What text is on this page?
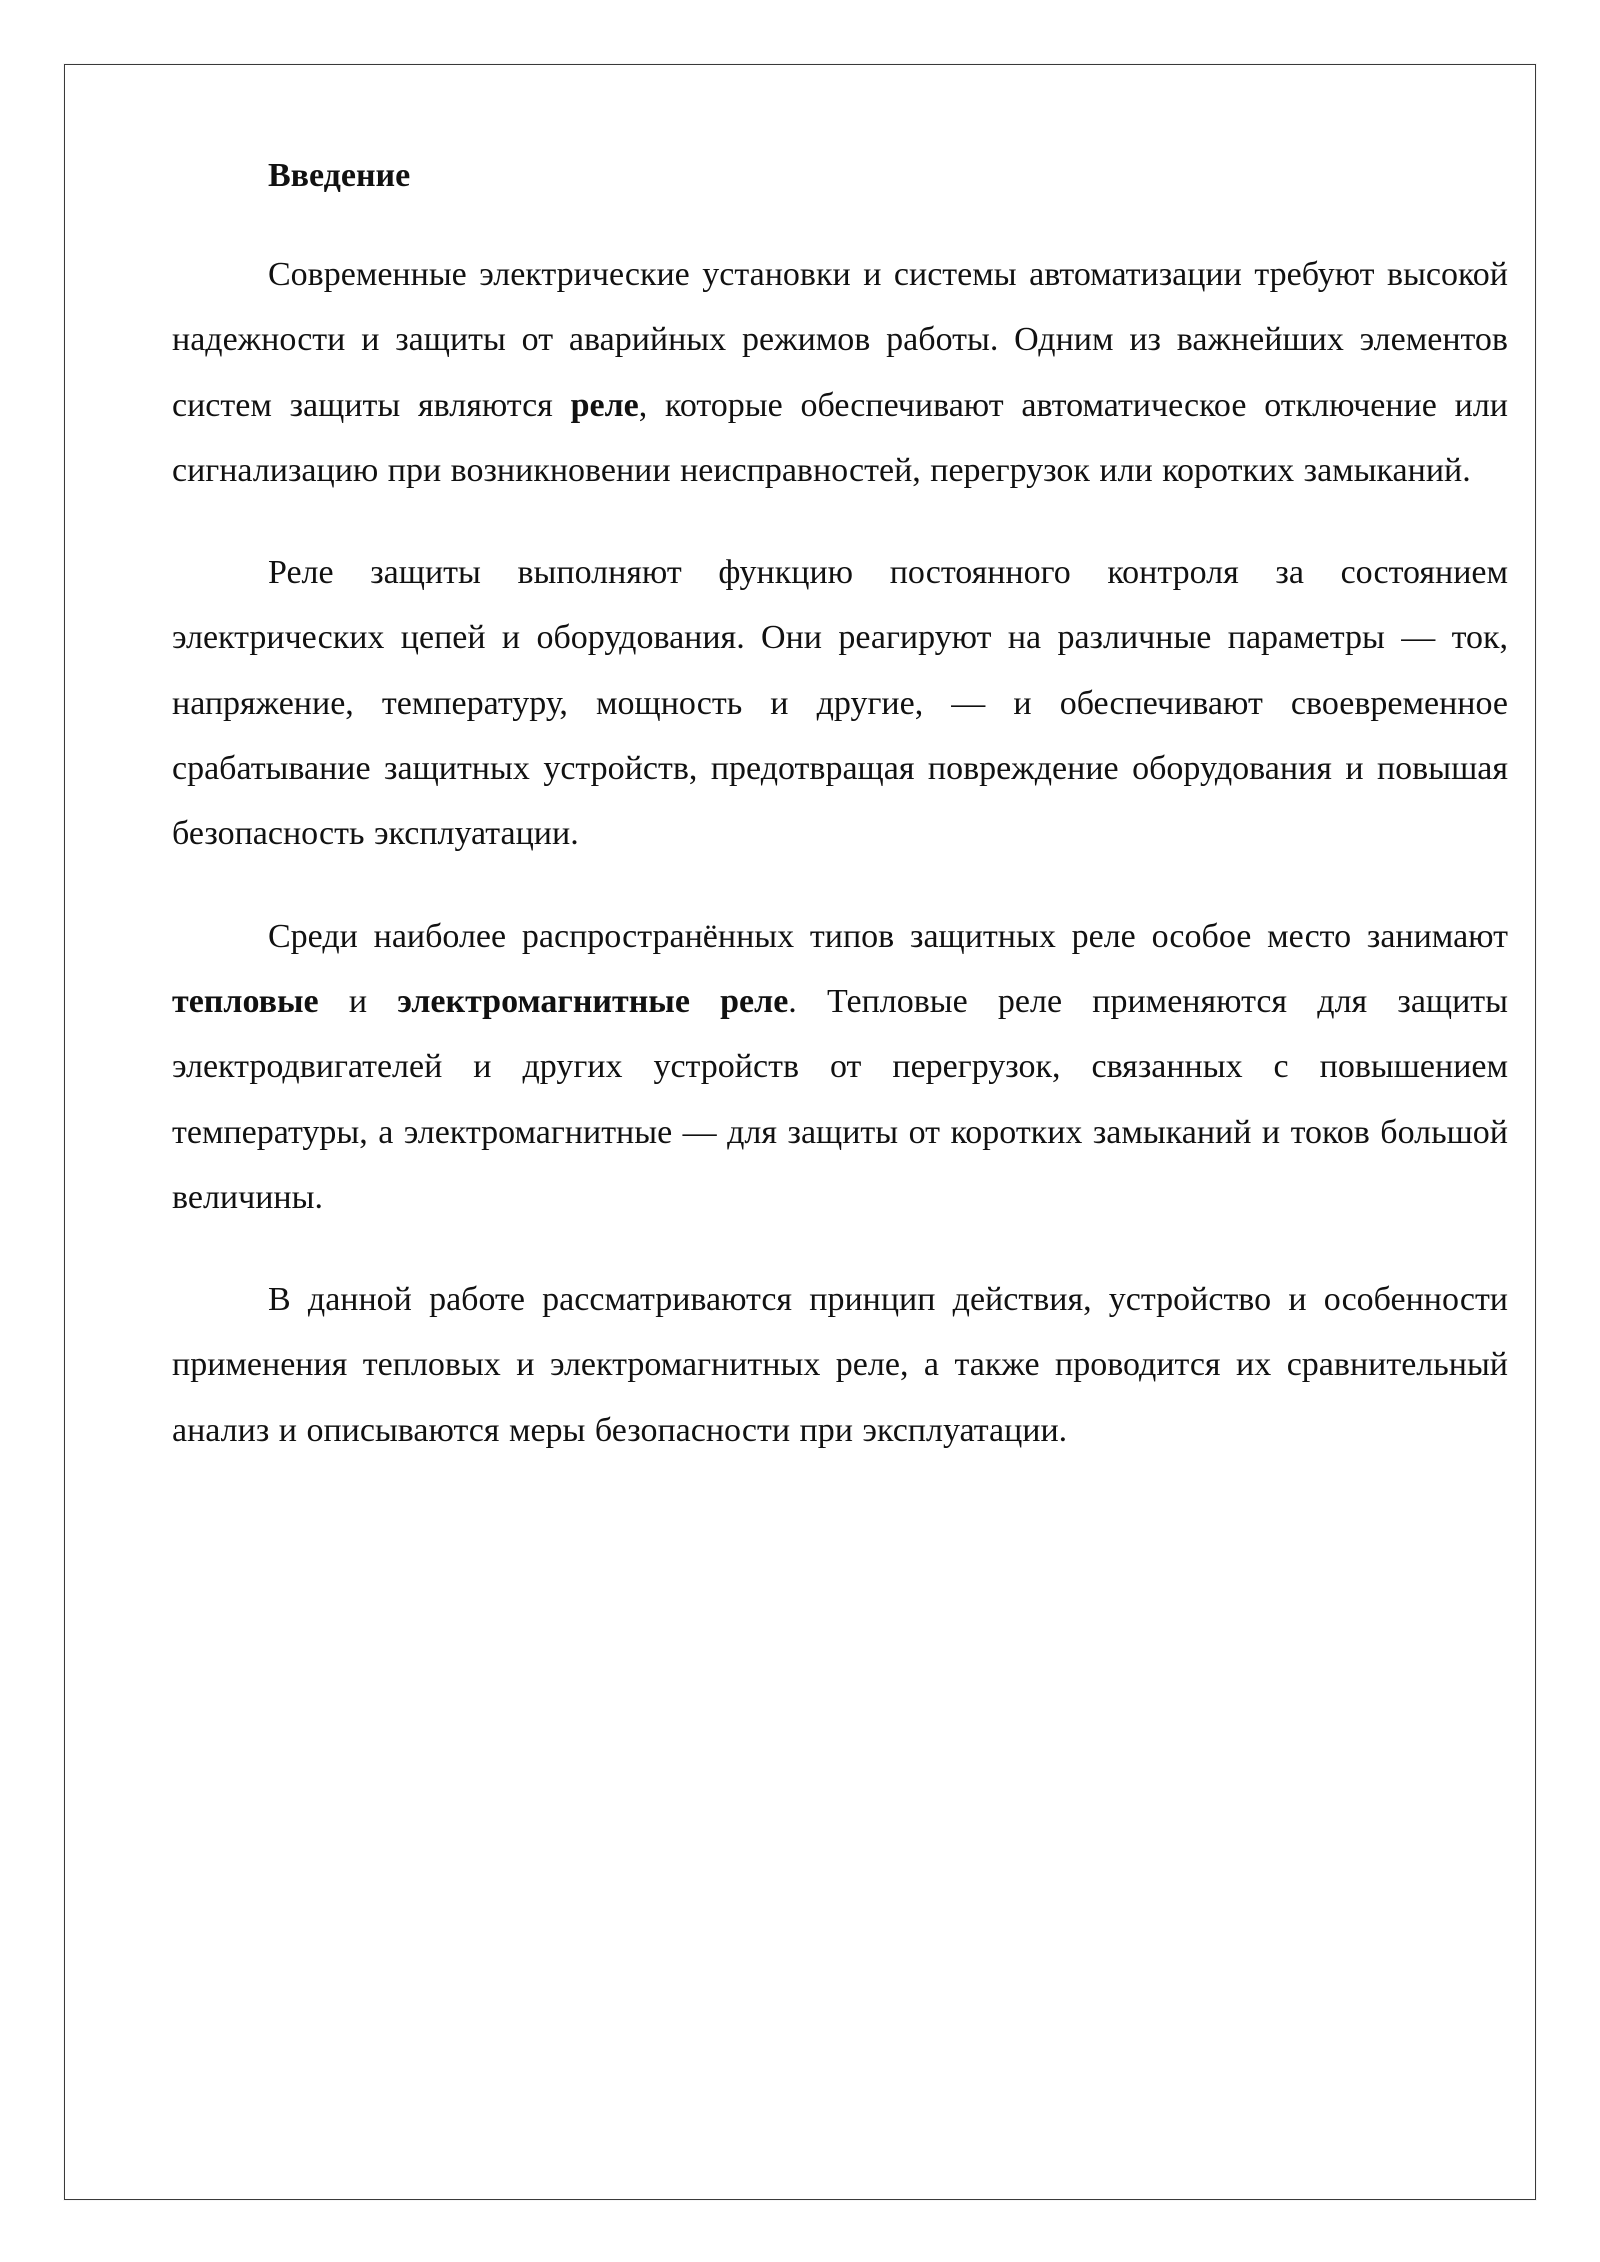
Введение

Современные электрические установки и системы автоматизации требуют высокой надежности и защиты от аварийных режимов работы. Одним из важнейших элементов систем защиты являются реле, которые обеспечивают автоматическое отключение или сигнализацию при возникновении неисправностей, перегрузок или коротких замыканий.

Реле защиты выполняют функцию постоянного контроля за состоянием электрических цепей и оборудования. Они реагируют на различные параметры — ток, напряжение, температуру, мощность и другие, — и обеспечивают своевременное срабатывание защитных устройств, предотвращая повреждение оборудования и повышая безопасность эксплуатации.

Среди наиболее распространённых типов защитных реле особое место занимают тепловые и электромагнитные реле. Тепловые реле применяются для защиты электродвигателей и других устройств от перегрузок, связанных с повышением температуры, а электромагнитные — для защиты от коротких замыканий и токов большой величины.

В данной работе рассматриваются принцип действия, устройство и особенности применения тепловых и электромагнитных реле, а также проводится их сравнительный анализ и описываются меры безопасности при эксплуатации.
